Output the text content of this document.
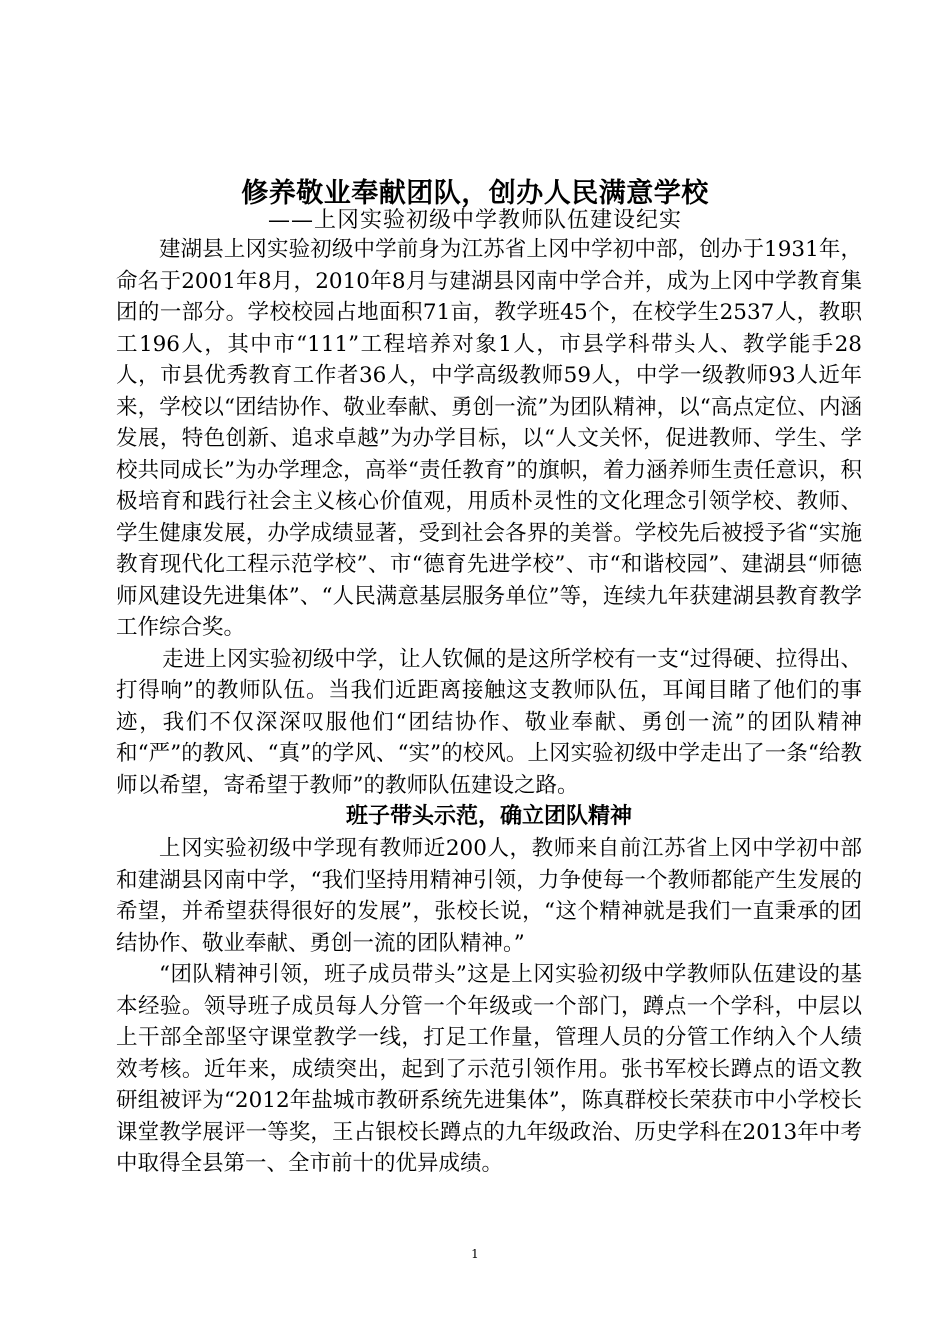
修养敬业奉献团队，创办人民满意学校
——上冈实验初级中学教师队伍建设纪实

建湖县上冈实验初级中学前身为江苏省上冈中学初中部，创办于1931年，命名于2001年8月，2010年8月与建湖县冈南中学合并，成为上冈中学教育集团的一部分。学校校园占地面积71亩，教学班45个，在校学生2537人，教职工196人，其中市“111”工程培养对象1人，市县学科带头人、教学能手28人，市县优秀教育工作者36人，中学高级教师59人，中学一级教师93人近年来，学校以“团结协作、敬业奉献、勇创一流”为团队精神，以“高点定位、内涵发展，特色创新、追求卓越”为办学目标，以“人文关怀，促进教师、学生、学校共同成长”为办学理念，高举“责任教育”的旗帜，着力涵养师生责任意识，积极培育和践行社会主义核心价值观，用质朴灵性的文化理念引领学校、教师、学生健康发展，办学成绩显著，受到社会各界的美誉。学校先后被授予省“实施教育现代化工程示范学校”、市“德育先进学校”、市“和谐校园”、建湖县“师德师风建设先进集体”、“人民满意基层服务单位”等，连续九年获建湖县教育教学工作综合奖。

走进上冈实验初级中学，让人钦佩的是这所学校有一支“过得硬、拉得出、打得响”的教师队伍。当我们近距离接触这支教师队伍，耳闻目睹了他们的事迹，我们不仅深深叹服他们“团结协作、敬业奉献、勇创一流”的团队精神和“严”的教风、“真”的学风、“实”的校风。上冈实验初级中学走出了一条“给教师以希望，寄希望于教师”的教师队伍建设之路。

班子带头示范，确立团队精神

上冈实验初级中学现有教师近200人，教师来自前江苏省上冈中学初中部和建湖县冈南中学，“我们坚持用精神引领，力争使每一个教师都能产生发展的希望，并希望获得很好的发展”，张校长说，“这个精神就是我们一直秉承的团结协作、敬业奉献、勇创一流的团队精神。”

“团队精神引领，班子成员带头”这是上冈实验初级中学教师队伍建设的基本经验。领导班子成员每人分管一个年级或一个部门，蹲点一个学科，中层以上干部全部坚守课堂教学一线，打足工作量，管理人员的分管工作纳入个人绩效考核。近年来，成绩突出，起到了示范引领作用。张书军校长蹲点的语文教研组被评为“2012年盐城市教研系统先进集体”，陈真群校长荣获市中小学校长课堂教学展评一等奖，王占银校长蹲点的九年级政治、历史学科在2013年中考中取得全县第一、全市前十的优异成绩。

1
